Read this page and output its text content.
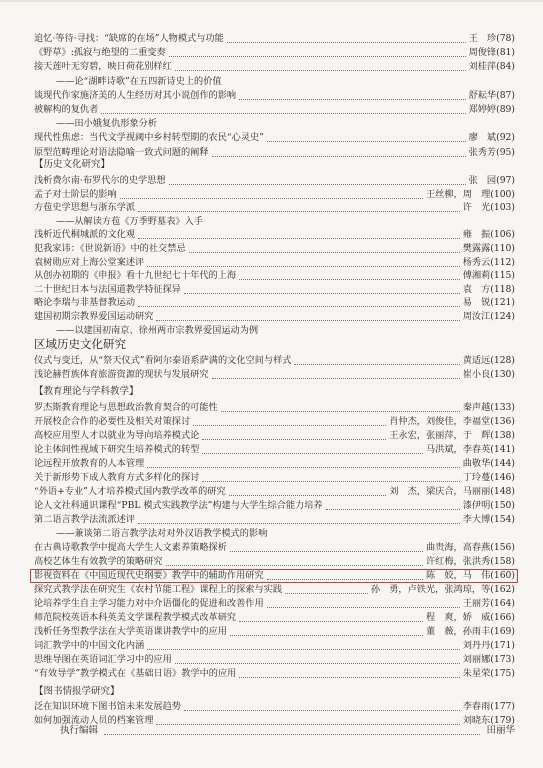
追忆·等待·寻找：“缺席的在场”人物模式与功能	王　珍 (78)
《野草》:孤寂与绝望的二重变奏	周俊锋 (81)
接天莲叶无穷碧，映日荷花别样红	刘桂萍 (84)
——论“湖畔诗歌”在五四新诗史上的价值
谈现代作家施济美的人生经历对其小说创作的影响	舒耘华 (87)
被解构的复仇者	郑婷婷 (89)
——田小娥复仇形象分析
现代性焦虑：当代文学视阈中乡村转型期的农民“心灵史”	廖　斌 (92)
原型范畴理论对语法隐喻一致式问题的阐释	张秀芳 (95)
【历史文化研究】
浅析费尔南·布罗代尔的史学思想	张　园 (97)
孟子对士阶层的影响	王丝柳，周　理 (100)
方苞史学思想与浙东学派	许　光 (103)
——从解读方苞《万季野墓表》入手
浅析近代桐城派的文化观	雍　振 (106)
犯我家讳：《世说新语》中的社交禁忌	樊露露 (110)
袁树勋应对上海公堂案述评	杨秀云 (112)
从创办初期的《申报》看十九世纪七十年代的上海	傅湘莉 (115)
二十世纪日本与法国道教学特征探异	袁　方 (118)
略论李瑞与非基督教运动	易　锐 (121)
建国初期宗教界爱国运动研究	周汝江 (124)
——以建国初南京、徐州两市宗教界爱国运动为例
区域历史文化研究
仪式与变迁，从“祭天仪式”看阿尔泰语系萨满的文化空间与样式	黄适远 (128)
浅论赫哲族体育旅游资源的现状与发展研究	崔小良 (130)
【教育理论与学科教学】
罗杰斯教育理论与思想政治教育契合的可能性	秦声越 (133)
开展校企合作的必要性及相关对策探讨	肖仲杰，刘俊佳，李福堂 (136)
高校应用型人才以就业为导向培养模式论	王永宏，张丽萍，于　辉 (138)
论主体间性视域下研究生培养模式的转型	马洪斌，李春英 (141)
论远程开放教育的人本管理	曲敬华 (144)
关于新形势下成人教育方式多样化的探讨	丁玲蔓 (146)
“外语+专业”人才培养模式国内教学改革的研究	刘　杰，梁庆合，马丽丽 (148)
论人文社科通识课程“PBL 模式实践教学法”构建与大学生综合能力培养	漆伊明 (150)
第二语言教学法流派述评	李大博 (154)
——兼谈第二语言教学法对对外汉语教学模式的影响
在古典诗歌教学中提高大学生人文素养策略探析	曲贵海，高春燕 (156)
高校艺体生有效教学的策略研究	许红梅，张洪秀 (158)
影视资料在《中国近现代史纲要》教学中的辅助作用研究	陈　姣，马　伟 (160)
探究式教学法在研究生《农村节能工程》课程上的探索与实践	孙　勇，卢铁光，张鸿琼，等 (162)
论培养学生自主学习能力对中介语僵化的促进和改善作用	王丽芳 (164)
师范院校英语本科英美文学课程教学模式改革研究	程　爽，娇　威 (166)
浅析任务型教学法在大学英语课讲教学中的应用	董　薇，孙雨丰 (169)
词汇教学中的中国文化内涵	刘丹丹 (171)
思维导图在英语词汇学习中的应用	刘丽娜 (173)
“有效导学”教学模式在《基础日语》教学中的应用	朱星荣 (175)
【图书情报学研究】
泛在知识环境下图书馆未来发展趋势	李春雨 (177)
如何加强流动人员的档案管理	刘晓东 (179)
执行编辑	田丽华
